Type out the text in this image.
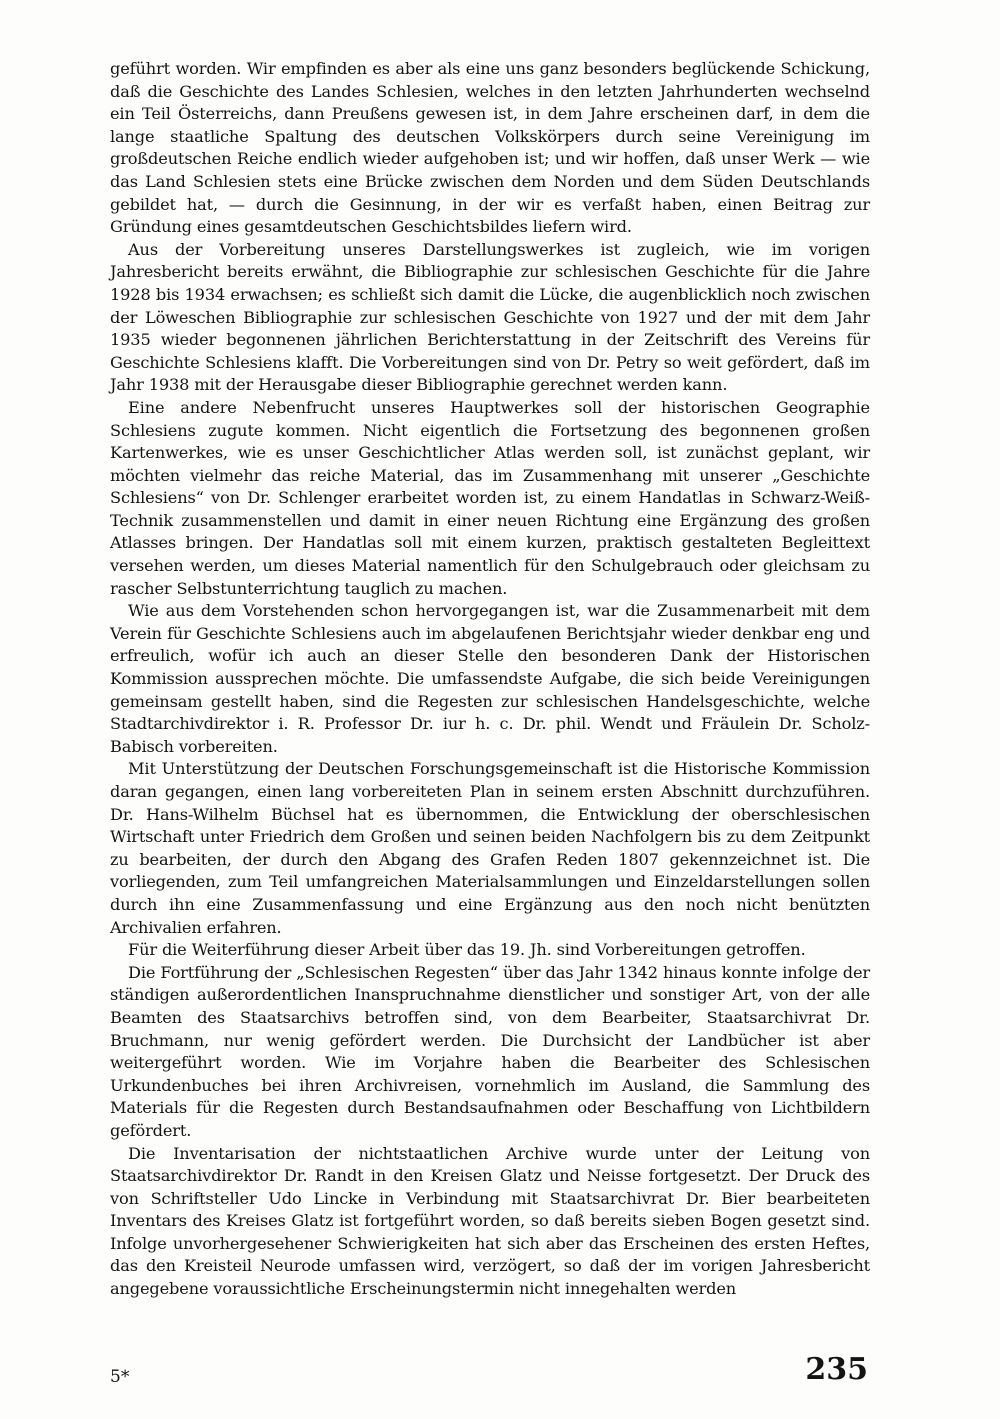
geführt worden. Wir empfinden es aber als eine uns ganz besonders beglückende Schickung, daß die Geschichte des Landes Schlesien, welches in den letzten Jahrhunderten wechselnd ein Teil Österreichs, dann Preußens gewesen ist, in dem Jahre erscheinen darf, in dem die lange staatliche Spaltung des deutschen Volkskörpers durch seine Vereinigung im großdeutschen Reiche endlich wieder aufgehoben ist; und wir hoffen, daß unser Werk — wie das Land Schlesien stets eine Brücke zwischen dem Norden und dem Süden Deutschlands gebildet hat, — durch die Gesinnung, in der wir es verfaßt haben, einen Beitrag zur Gründung eines gesamtdeutschen Geschichtsbildes liefern wird.

Aus der Vorbereitung unseres Darstellungswerkes ist zugleich, wie im vorigen Jahresbericht bereits erwähnt, die Bibliographie zur schlesischen Geschichte für die Jahre 1928 bis 1934 erwachsen; es schließt sich damit die Lücke, die augenblicklich noch zwischen der Löweschen Bibliographie zur schlesischen Geschichte von 1927 und der mit dem Jahr 1935 wieder begonnenen jährlichen Berichterstattung in der Zeitschrift des Vereins für Geschichte Schlesiens klafft. Die Vorbereitungen sind von Dr. Petry so weit gefördert, daß im Jahr 1938 mit der Herausgabe dieser Bibliographie gerechnet werden kann.

Eine andere Nebenfrucht unseres Hauptwerkes soll der historischen Geographie Schlesiens zugute kommen. Nicht eigentlich die Fortsetzung des begonnenen großen Kartenwerkes, wie es unser Geschichtlicher Atlas werden soll, ist zunächst geplant, wir möchten vielmehr das reiche Material, das im Zusammenhang mit unserer „Geschichte Schlesiens“ von Dr. Schlenger erarbeitet worden ist, zu einem Handatlas in Schwarz-Weiß-Technik zusammenstellen und damit in einer neuen Richtung eine Ergänzung des großen Atlasses bringen. Der Handatlas soll mit einem kurzen, praktisch gestalteten Begleittext versehen werden, um dieses Material namentlich für den Schulgebrauch oder gleichsam zu rascher Selbstunterrichtung tauglich zu machen.

Wie aus dem Vorstehenden schon hervorgegangen ist, war die Zusammenarbeit mit dem Verein für Geschichte Schlesiens auch im abgelaufenen Berichtsjahr wieder denkbar eng und erfreulich, wofür ich auch an dieser Stelle den besonderen Dank der Historischen Kommission aussprechen möchte. Die umfassendste Aufgabe, die sich beide Vereinigungen gemeinsam gestellt haben, sind die Regesten zur schlesischen Handelsgeschichte, welche Stadtarchivdirektor i. R. Professor Dr. iur h. c. Dr. phil. Wendt und Fräulein Dr. Scholz-Babisch vorbereiten.

Mit Unterstützung der Deutschen Forschungsgemeinschaft ist die Historische Kommission daran gegangen, einen lang vorbereiteten Plan in seinem ersten Abschnitt durchzuführen. Dr. Hans-Wilhelm Büchsel hat es übernommen, die Entwicklung der oberschlesischen Wirtschaft unter Friedrich dem Großen und seinen beiden Nachfolgern bis zu dem Zeitpunkt zu bearbeiten, der durch den Abgang des Grafen Reden 1807 gekennzeichnet ist. Die vorliegenden, zum Teil umfangreichen Materialsammlungen und Einzeldarstellungen sollen durch ihn eine Zusammenfassung und eine Ergänzung aus den noch nicht benützten Archivalien erfahren.

Für die Weiterführung dieser Arbeit über das 19. Jh. sind Vorbereitungen getroffen.

Die Fortführung der „Schlesischen Regesten“ über das Jahr 1342 hinaus konnte infolge der ständigen außerordentlichen Inanspruchnahme dienstlicher und sonstiger Art, von der alle Beamten des Staatsarchivs betroffen sind, von dem Bearbeiter, Staatsarchivrat Dr. Bruchmann, nur wenig gefördert werden. Die Durchsicht der Landbücher ist aber weitergeführt worden. Wie im Vorjahre haben die Bearbeiter des Schlesischen Urkundenbuches bei ihren Archivreisen, vornehmlich im Ausland, die Sammlung des Materials für die Regesten durch Bestandsaufnahmen oder Beschaffung von Lichtbildern gefördert.

Die Inventarisation der nichtstaatlichen Archive wurde unter der Leitung von Staatsarchivdirektor Dr. Randt in den Kreisen Glatz und Neisse fortgesetzt. Der Druck des von Schriftsteller Udo Lincke in Verbindung mit Staatsarchivrat Dr. Bier bearbeiteten Inventars des Kreises Glatz ist fortgeführt worden, so daß bereits sieben Bogen gesetzt sind. Infolge unvorhergesehener Schwierigkeiten hat sich aber das Erscheinen des ersten Heftes, das den Kreisteil Neurode umfassen wird, verzögert, so daß der im vorigen Jahresbericht angegebene voraussichtliche Erscheinungstermin nicht innegehalten werden

5*	235
